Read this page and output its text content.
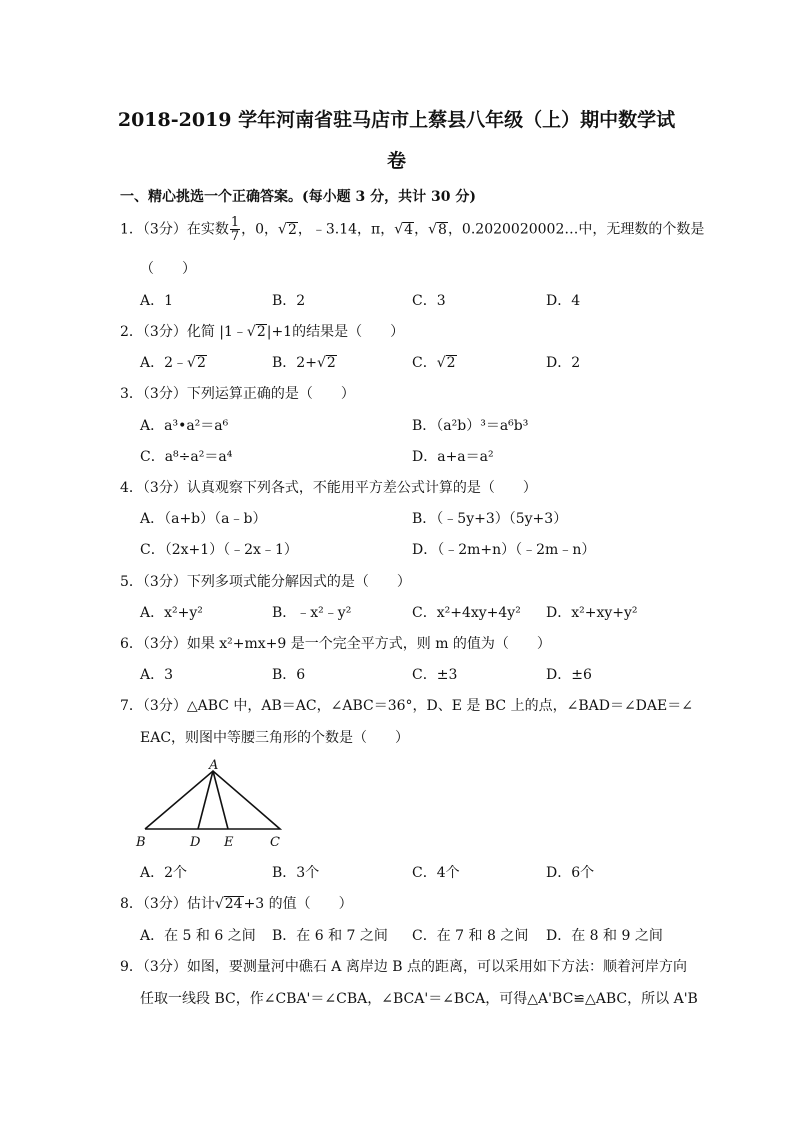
2018-2019 学年河南省驻马店市上蔡县八年级（上）期中数学试
卷
一、精心挑选一个正确答案。(每小题 3 分，共计 30 分)
1．（3分）在实数 $\frac{1}{7}$ ，0，√2，﹣3.14，π，√4，√8，0.2020020002…中，无理数的个数是
（　　）
A．1	B．2	C．3	D．4
2．（3分）化简 |1﹣√2|+1的结果是（　　）
A．2﹣√2	B．2+√2	C．√2	D．2
3．（3分）下列运算正确的是（　　）
A．a³•a²＝a⁶	B．（a²b）³＝a⁶b³
C．a⁸÷a²＝a⁴	D．a+a＝a²
4．（3分）认真观察下列各式，不能用平方差公式计算的是（　　）
A．（a+b）（a﹣b）	B．（﹣5y+3）（5y+3）
C．（2x+1）（﹣2x﹣1）	D．（﹣2m+n）（﹣2m﹣n）
5．（3分）下列多项式能分解因式的是（　　）
A．x²+y²	B．﹣x²﹣y²	C．x²+4xy+4y² D．x²+xy+y²
6．（3分）如果 x²+mx+9 是一个完全平方式，则 m 的值为（　　）
A．3	B．6	C．±3	D．±6
7．（3分）△ABC 中，AB＝AC，∠ABC＝36°，D、E 是 BC 上的点，∠BAD＝∠DAE＝∠
EAC，则图中等腰三角形的个数是（　　）
A
B	D E	C
A．2个	B．3个	C．4个	D．6个
8．（3分）估计√24+3 的值（　　）
A．在 5 和 6 之间 B．在 6 和 7 之间 C．在 7 和 8 之间 D．在 8 和 9 之间
9．（3分）如图，要测量河中礁石 A 离岸边 B 点的距离，可以采用如下方法：顺着河岸方向
任取一线段 BC，作∠CBA'＝∠CBA，∠BCA'＝∠BCA，可得△A'BC≌△ABC，所以 A'B
